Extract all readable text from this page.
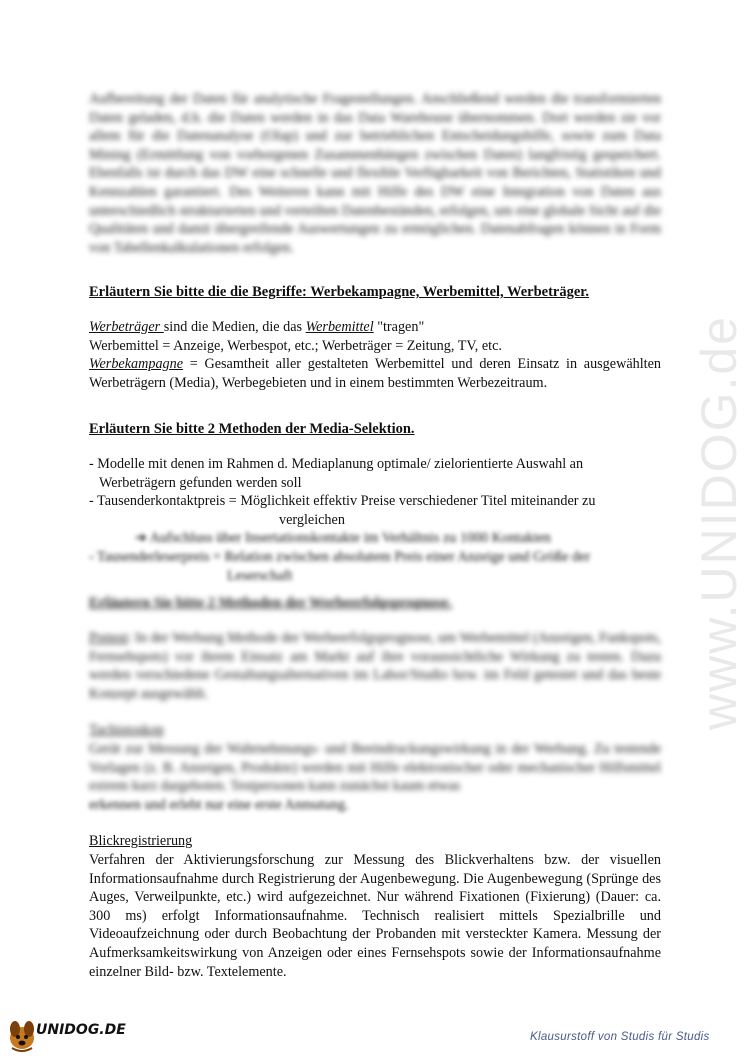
Aufbereitung der Daten für analytische Fragestellungen. Anschließend werden die transformierten Daten geladen, d.h. die Daten werden in das Data Warehouse übernommen. Dort werden sie vor allem für die Datenanalyse (Olap) und zur betrieblichen Entscheidungshilfe, sowie zum Data Mining (Ermittlung von vorborgenen Zusammenhängen zwischen Daten) langfristig gespeichert. Ebenfalls ist durch das DW eine schnelle und flexible Verfügbarkeit von Berichten, Statistiken und Kennzahlen garantiert. Des Weiteren kann mit Hilfe des DW eine Integration von Daten aus unterschiedlich strukturierten und verteilten Datenbeständen, erfolgen, um eine globale Sicht auf die Qualitäten und damit übergreifende Auswertungen zu ermöglichen. Datenabfragen können in Form von Tabellenkalkulationen erfolgen.

Erläutern Sie bitte die die Begriffe: Werbekampagne, Werbemittel, Werbeträger.

Werbeträger sind die Medien, die das Werbemittel "tragen"

Werbemittel = Anzeige, Werbespot, etc.; Werbeträger = Zeitung, TV, etc.

Werbekampagne = Gesamtheit aller gestalteten Werbemittel und deren Einsatz in ausgewählten Werbeträgern (Media), Werbegebieten und in einem bestimmten Werbezeitraum.

Erläutern Sie bitte 2 Methoden der Media-Selektion.

- Modelle mit denen im Rahmen d. Mediaplanung optimale/ zielorientierte Auswahl an

Werbeträgern gefunden werden soll

- Tausenderkontaktpreis = Möglichkeit effektiv Preise verschiedener Titel miteinander zu

vergleichen

➔ Aufschluss über Insertationskontakte im Verhältnis zu 1000 Kontakten

- Tausenderleserpreis = Relation zwischen absolutem Preis einer Anzeige und Größe der

Leserschaft

Erläutern Sie bitte 2 Methoden der Werbeerfolgsprognose.

Pretest: In der Werbung Methode der Werbeerfolgsprognose, um Werbemittel (Anzeigen, Funkspots, Fernsehspots) vor ihrem Einsatz am Markt auf ihre voraussichtliche Wirkung zu testen. Dazu werden verschiedene Gestaltungsalternativen im Labor/Studio bzw. im Feld getestet und das beste Konzept ausgewählt.

Tachistoskop

Gerät zur Messung der Wahrnehmungs- und Beeindruckungswirkung in der Werbung. Zu testende Vorlagen (z. B. Anzeigen, Produkte) werden mit Hilfe elektronischer oder mechanischer Hilfsmittel extrem kurz dargeboten. Testpersonen kann zunächst kaum etwas

erkennen und erlebt nur eine erste Anmutung.

Blickregistrierung

Verfahren der Aktivierungsforschung zur Messung des Blickverhaltens bzw. der visuellen Informationsaufnahme durch Registrierung der Augenbewegung. Die Augenbewegung (Sprünge des Auges, Verweilpunkte, etc.) wird aufgezeichnet. Nur während Fixationen (Fixierung) (Dauer: ca. 300 ms) erfolgt Informationsaufnahme. Technisch realisiert mittels Spezialbrille und Videoaufzeichnung oder durch Beobachtung der Probanden mit versteckter Kamera. Messung der Aufmerksamkeitswirkung von Anzeigen oder eines Fernsehspots sowie der Informationsaufnahme einzelner Bild- bzw. Textelemente.

www.UNIDOG.de
UNIDOG.DE	Klausurstoff von Studis für Studis
